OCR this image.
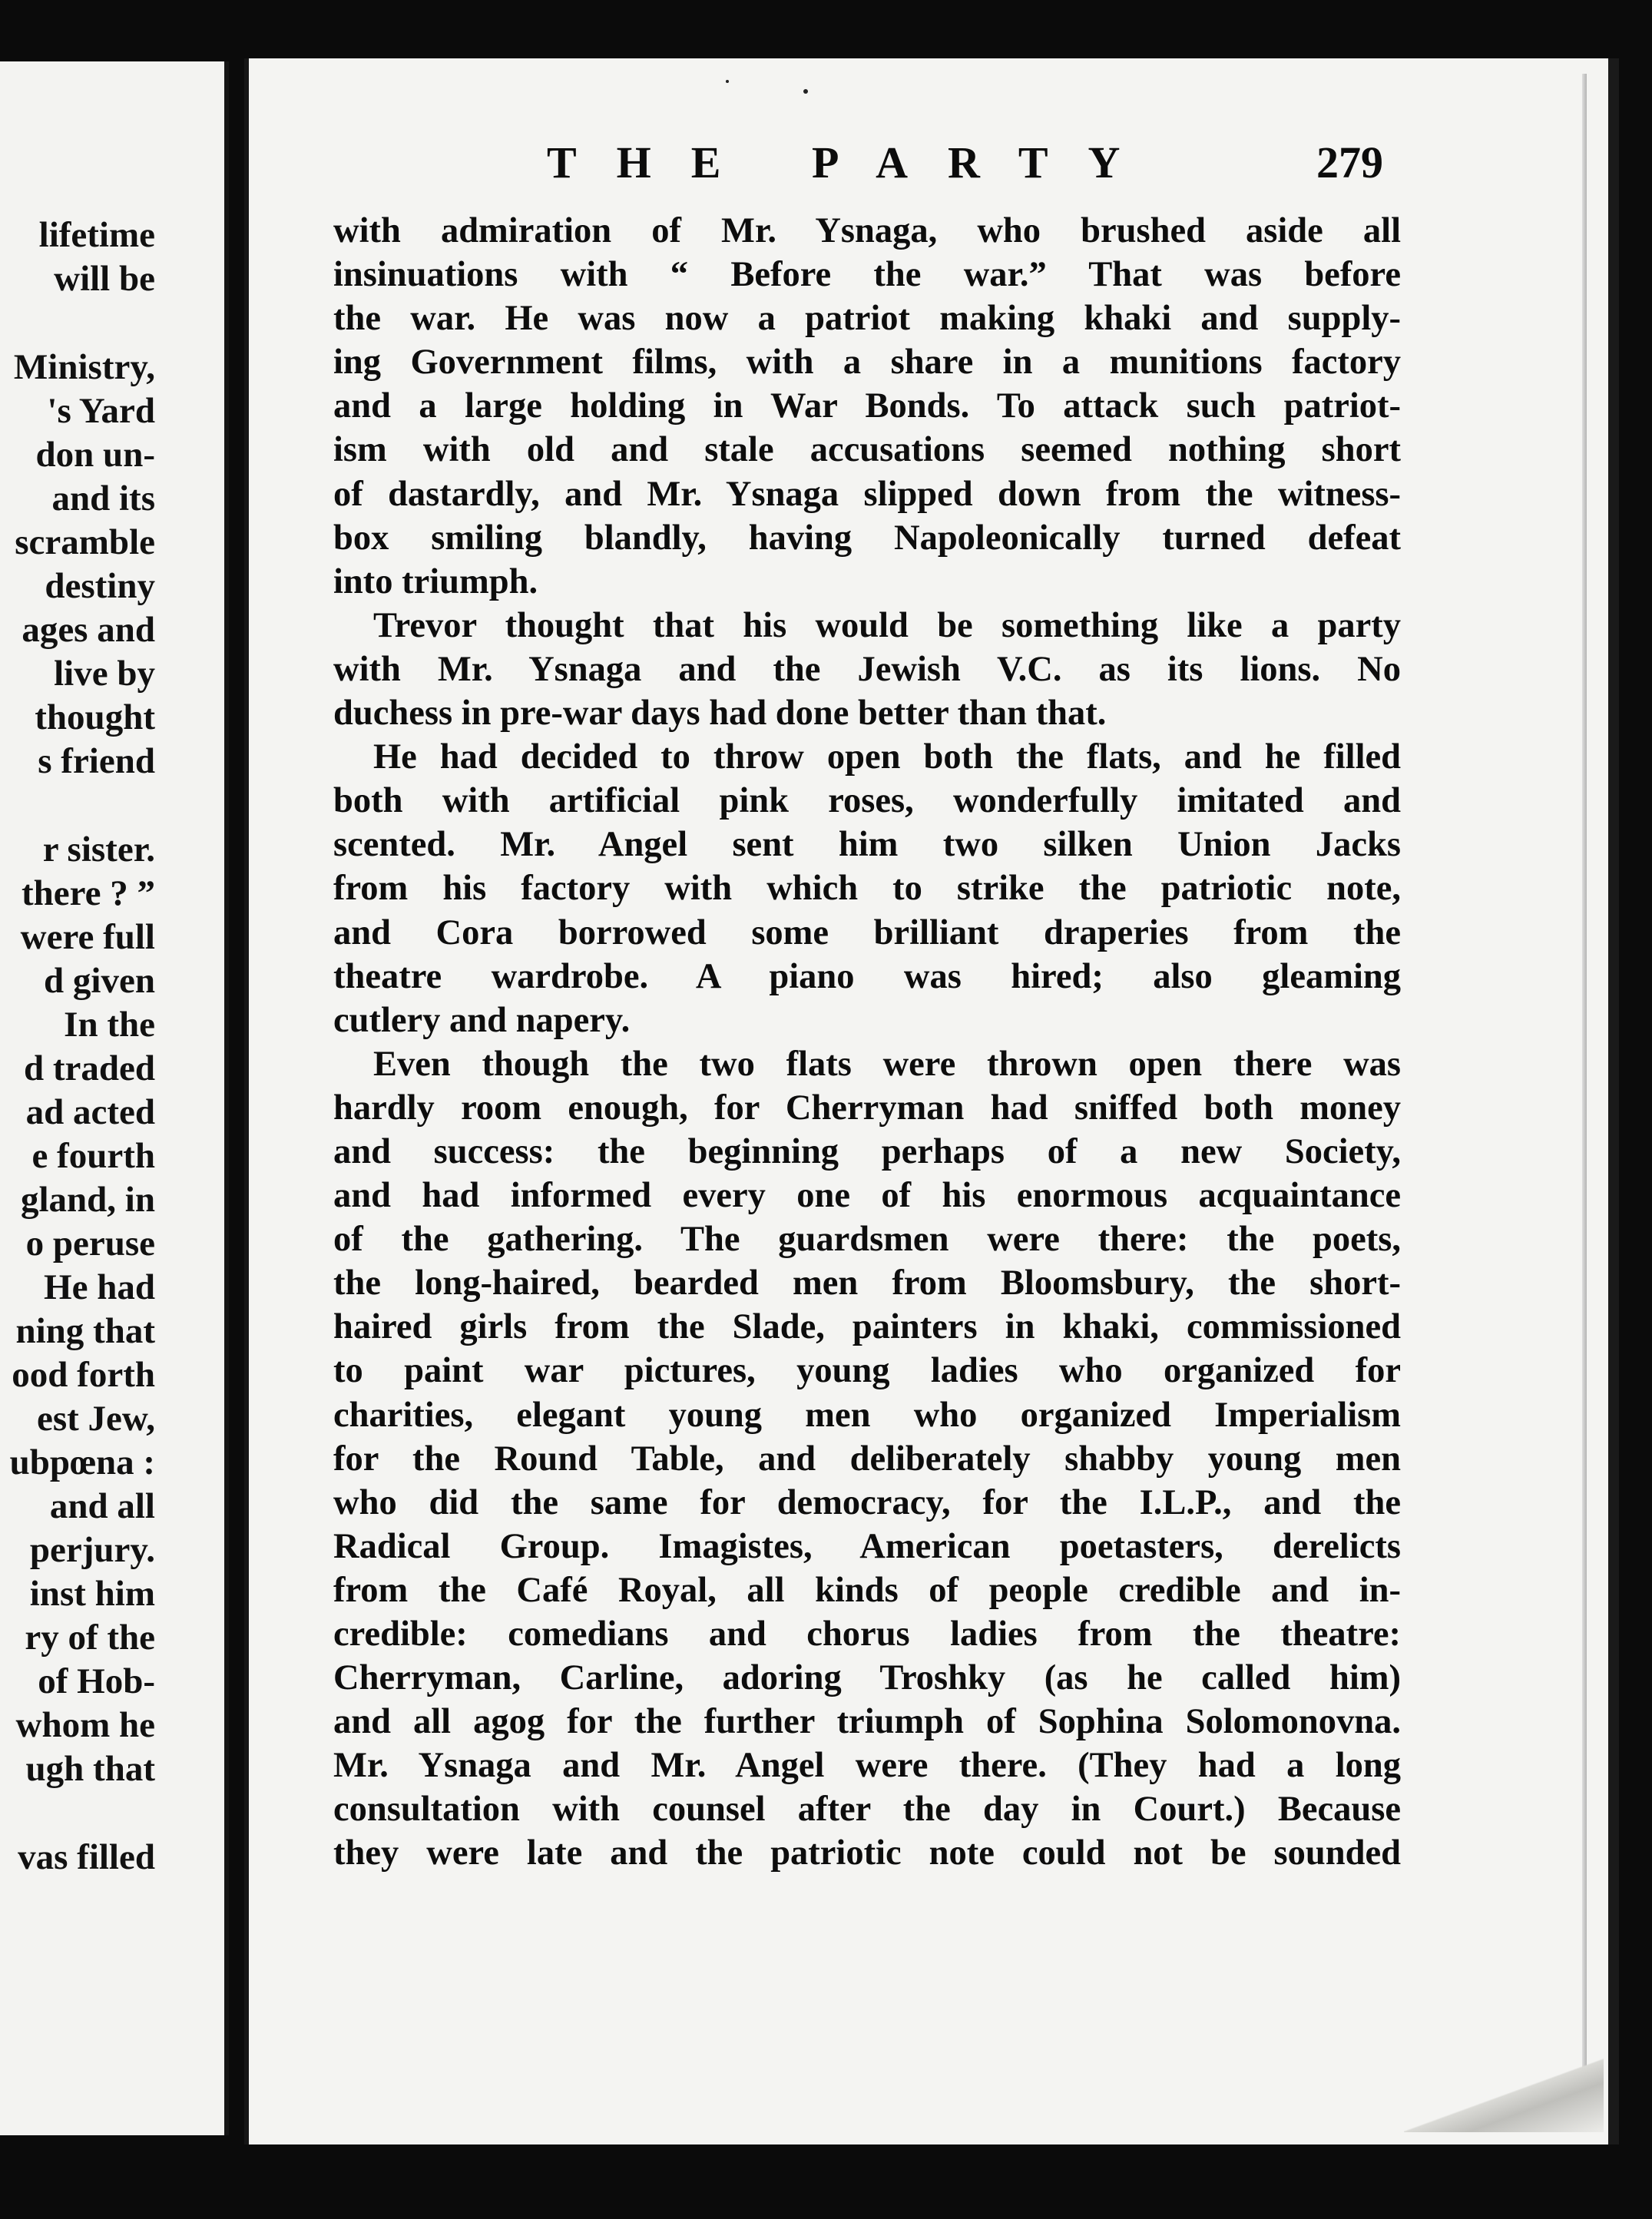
lifetime
will be
Ministry,
's Yard
don un-
and its
scramble
destiny
ages and
live by
thought
s friend
r sister.
there ? ”
were full
d given
In the
d traded
ad acted
e fourth
gland, in
o peruse
He had
ning that
ood forth
est Jew,
ubpœna :
and all
perjury.
inst him
ry of the
of Hob-
whom he
ugh that
vas filled
THE PARTY	279
with admiration of Mr. Ysnaga, who brushed aside all
insinuations with “ Before the war.” That was before
the war. He was now a patriot making khaki and supply-
ing Government films, with a share in a munitions factory
and a large holding in War Bonds. To attack such patriot-
ism with old and stale accusations seemed nothing short
of dastardly, and Mr. Ysnaga slipped down from the witness-
box smiling blandly, having Napoleonically turned defeat
into triumph.
Trevor thought that his would be something like a party
with Mr. Ysnaga and the Jewish V.C. as its lions. No
duchess in pre-war days had done better than that.
He had decided to throw open both the flats, and he filled
both with artificial pink roses, wonderfully imitated and
scented. Mr. Angel sent him two silken Union Jacks
from his factory with which to strike the patriotic note,
and Cora borrowed some brilliant draperies from the
theatre wardrobe. A piano was hired; also gleaming
cutlery and napery.
Even though the two flats were thrown open there was
hardly room enough, for Cherryman had sniffed both money
and success: the beginning perhaps of a new Society,
and had informed every one of his enormous acquaintance
of the gathering. The guardsmen were there: the poets,
the long-haired, bearded men from Bloomsbury, the short-
haired girls from the Slade, painters in khaki, commissioned
to paint war pictures, young ladies who organized for
charities, elegant young men who organized Imperialism
for the Round Table, and deliberately shabby young men
who did the same for democracy, for the I.L.P., and the
Radical Group. Imagistes, American poetasters, derelicts
from the Café Royal, all kinds of people credible and in-
credible: comedians and chorus ladies from the theatre:
Cherryman, Carline, adoring Troshky (as he called him)
and all agog for the further triumph of Sophina Solomonovna.
Mr. Ysnaga and Mr. Angel were there. (They had a long
consultation with counsel after the day in Court.) Because
they were late and the patriotic note could not be sounded
